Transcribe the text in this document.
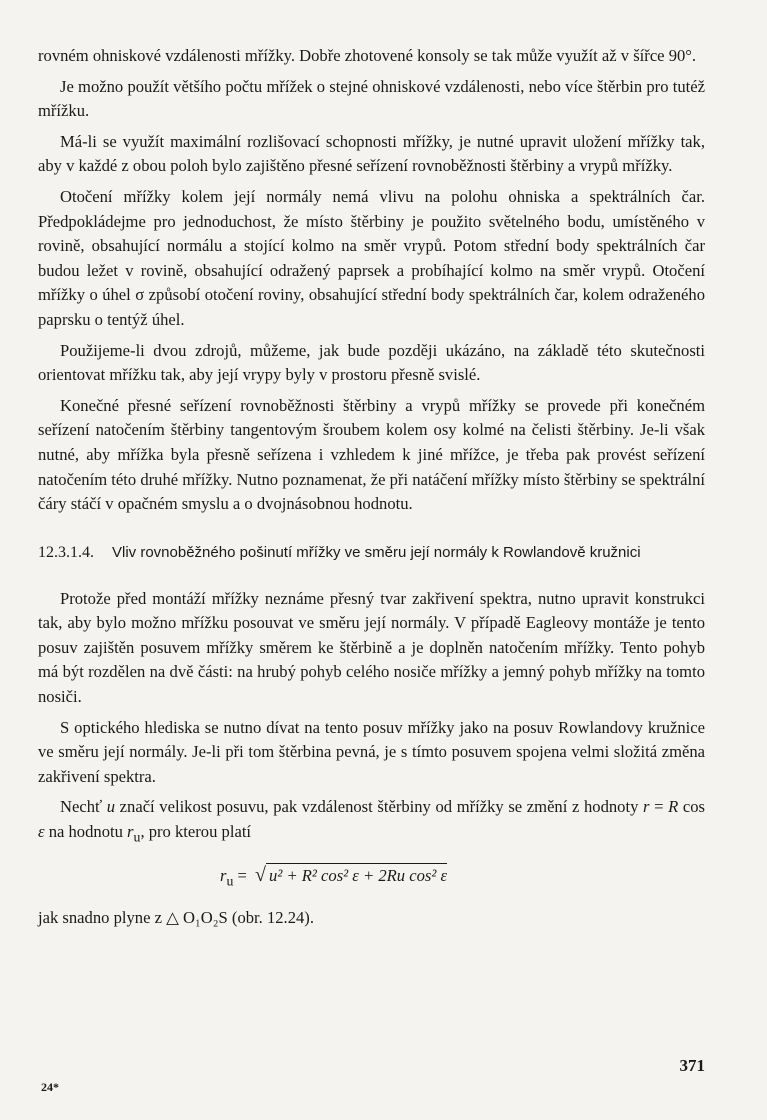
rovném ohniskové vzdálenosti mřížky. Dobře zhotovené konsoly se tak může využít až v šířce 90°.

Je možno použít většího počtu mřížek o stejné ohniskové vzdálenosti, nebo více štěrbin pro tutéž mřížku.

Má-li se využít maximální rozlišovací schopnosti mřížky, je nutné upravit uložení mřížky tak, aby v každé z obou poloh bylo zajištěno přesné seřízení rovnoběžnosti štěrbiny a vrypů mřížky.

Otočení mřížky kolem její normály nemá vlivu na polohu ohniska a spektrálních čar. Předpokládejme pro jednoduchost, že místo štěrbiny je použito světelného bodu, umístěného v rovině, obsahující normálu a stojící kolmo na směr vrypů. Potom střední body spektrálních čar budou ležet v rovině, obsahující odražený paprsek a probíhající kolmo na směr vrypů. Otočení mřížky o úhel σ způsobí otočení roviny, obsahující střední body spektrálních čar, kolem odraženého paprsku o tentýž úhel.

Použijeme-li dvou zdrojů, můžeme, jak bude později ukázáno, na základě této skutečnosti orientovat mřížku tak, aby její vrypy byly v prostoru přesně svislé.

Konečné přesné seřízení rovnoběžnosti štěrbiny a vrypů mřížky se provede při konečném seřízení natočením štěrbiny tangentovým šroubem kolem osy kolmé na čelisti štěrbiny. Je-li však nutné, aby mřížka byla přesně seřízena i vzhledem k jiné mřížce, je třeba pak provést seřízení natočením této druhé mřížky. Nutno poznamenat, že při natáčení mřížky místo štěrbiny se spektrální čáry stáčí v opačném smyslu a o dvojnásobnou hodnotu.

12.3.1.4.	Vliv rovnoběžného pošinutí mřížky ve směru její normály k Rowlandově kružnici

Protože před montáží mřížky neznáme přesný tvar zakřivení spektra, nutno upravit konstrukci tak, aby bylo možno mřížku posouvat ve směru její normály. V případě Eagleovy montáže je tento posuv zajištěn posuvem mřížky směrem ke štěrbině a je doplněn natočením mřížky. Tento pohyb má být rozdělen na dvě části: na hrubý pohyb celého nosiče mřížky a jemný pohyb mřížky na tomto nosiči.

S optického hlediska se nutno dívat na tento posuv mřížky jako na posuv Rowlandovy kružnice ve směru její normály. Je-li při tom štěrbina pevná, je s tímto posuvem spojena velmi složitá změna zakřivení spektra.

Nechť u značí velikost posuvu, pak vzdálenost štěrbiny od mřížky se změní z hodnoty r = R cos ε na hodnotu $r_u$, pro kterou platí

$r_u$ = √ u² + R² cos² ε + 2Ru cos² ε

jak snadno plyne z △ O₁O₂S (obr. 12.24).

24*
371
